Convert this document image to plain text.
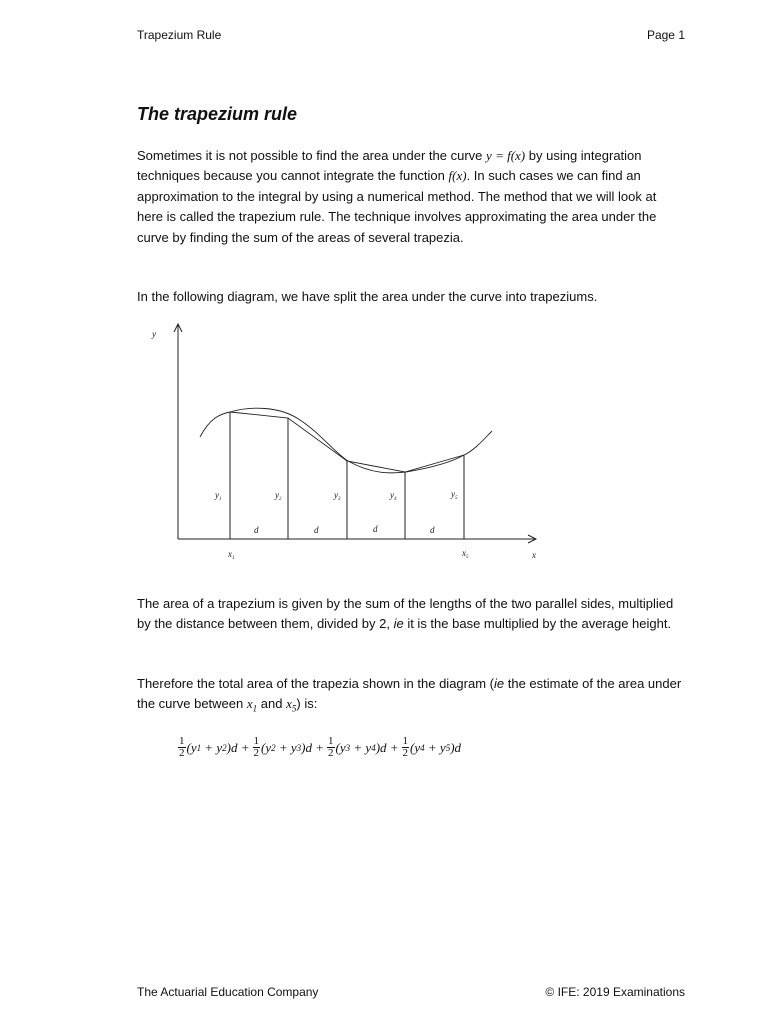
Trapezium Rule	Page 1
The trapezium rule
Sometimes it is not possible to find the area under the curve y = f(x) by using integration techniques because you cannot integrate the function f(x). In such cases we can find an approximation to the integral by using a numerical method. The method that we will look at here is called the trapezium rule. The technique involves approximating the area under the curve by finding the sum of the areas of several trapezia.
In the following diagram, we have split the area under the curve into trapeziums.
y
x
$y_1$	$y_2$	$y_3$	$y_4$
$y_5$
d	d	d	d
$x_1$
$x_5$
The area of a trapezium is given by the sum of the lengths of the two parallel sides, multiplied by the distance between them, divided by 2, ie it is the base multiplied by the average height.
Therefore the total area of the trapezia shown in the diagram (ie the estimate of the area under the curve between $x_1$ and $x_5$) is:
$\frac{1}{2} (y$ 1 + y 2 )$d + \frac{1}{2} (y$ 2 + y 3 )$d + \frac{1}{2} (y$ 3 + y 4 )$d + \frac{1}{2} (y$ 4 + y 5 )d
The Actuarial Education Company	© IFE: 2019 Examinations
